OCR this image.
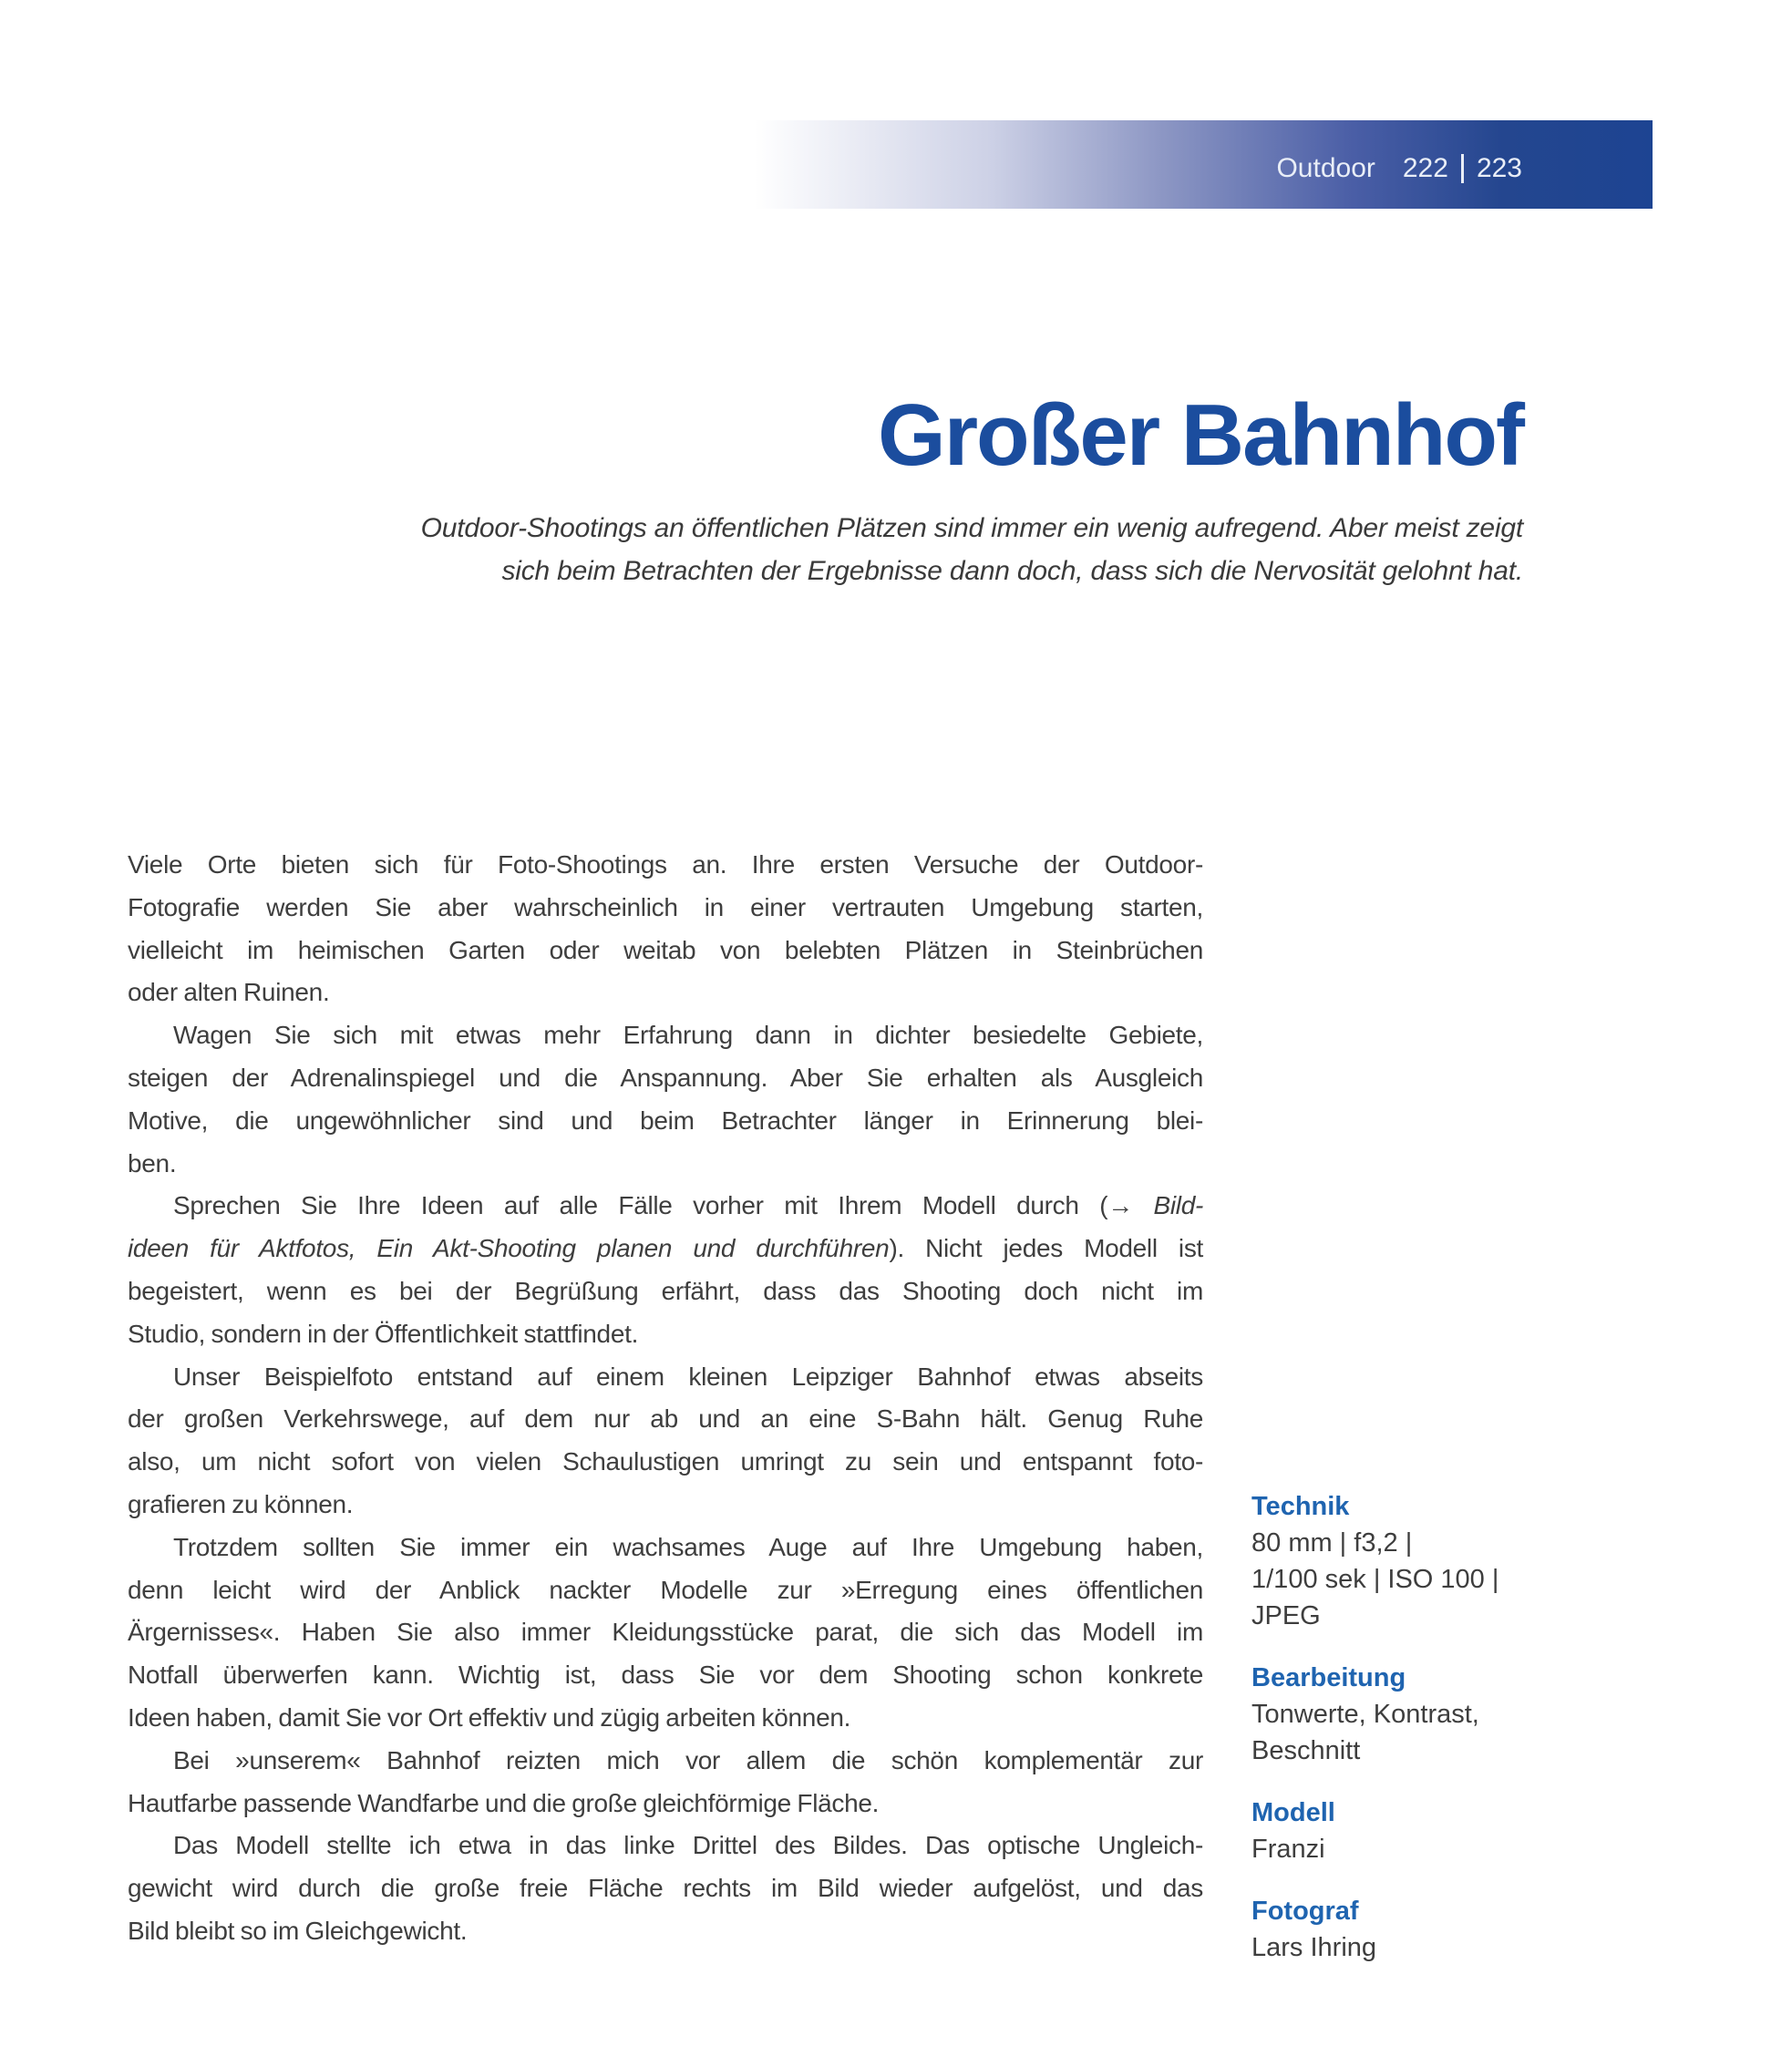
Outdoor 222 223
Großer Bahnhof
Outdoor-Shootings an öffentlichen Plätzen sind immer ein wenig aufregend. Aber meist zeigt
sich beim Betrachten der Ergebnisse dann doch, dass sich die Nervosität gelohnt hat.
Viele Orte bieten sich für Foto-Shootings an. Ihre ersten Versuche der Outdoor-
Fotografie werden Sie aber wahrscheinlich in einer vertrauten Umgebung starten,
vielleicht im heimischen Garten oder weitab von belebten Plätzen in Steinbrüchen
oder alten Ruinen.
Wagen Sie sich mit etwas mehr Erfahrung dann in dichter besiedelte Gebiete,
steigen der Adrenalinspiegel und die Anspannung. Aber Sie erhalten als Ausgleich
Motive, die ungewöhnlicher sind und beim Betrachter länger in Erinnerung blei-
ben.
Sprechen Sie Ihre Ideen auf alle Fälle vorher mit Ihrem Modell durch (→ Bild-
ideen für Aktfotos, Ein Akt-Shooting planen und durchführen). Nicht jedes Modell ist
begeistert, wenn es bei der Begrüßung erfährt, dass das Shooting doch nicht im
Studio, sondern in der Öffentlichkeit stattfindet.
Unser Beispielfoto entstand auf einem kleinen Leipziger Bahnhof etwas abseits
der großen Verkehrswege, auf dem nur ab und an eine S-Bahn hält. Genug Ruhe
also, um nicht sofort von vielen Schaulustigen umringt zu sein und entspannt foto-
grafieren zu können.
Trotzdem sollten Sie immer ein wachsames Auge auf Ihre Umgebung haben,
denn leicht wird der Anblick nackter Modelle zur »Erregung eines öffentlichen
Ärgernisses«. Haben Sie also immer Kleidungsstücke parat, die sich das Modell im
Notfall überwerfen kann. Wichtig ist, dass Sie vor dem Shooting schon konkrete
Ideen haben, damit Sie vor Ort effektiv und zügig arbeiten können.
Bei »unserem« Bahnhof reizten mich vor allem die schön komplementär zur
Hautfarbe passende Wandfarbe und die große gleichförmige Fläche.
Das Modell stellte ich etwa in das linke Drittel des Bildes. Das optische Ungleich-
gewicht wird durch die große freie Fläche rechts im Bild wieder aufgelöst, und das
Bild bleibt so im Gleichgewicht.
Technik
80 mm | f3,2 |
1/100 sek | ISO 100 |
JPEG
Bearbeitung
Tonwerte, Kontrast,
Beschnitt
Modell
Franzi
Fotograf
Lars Ihring
